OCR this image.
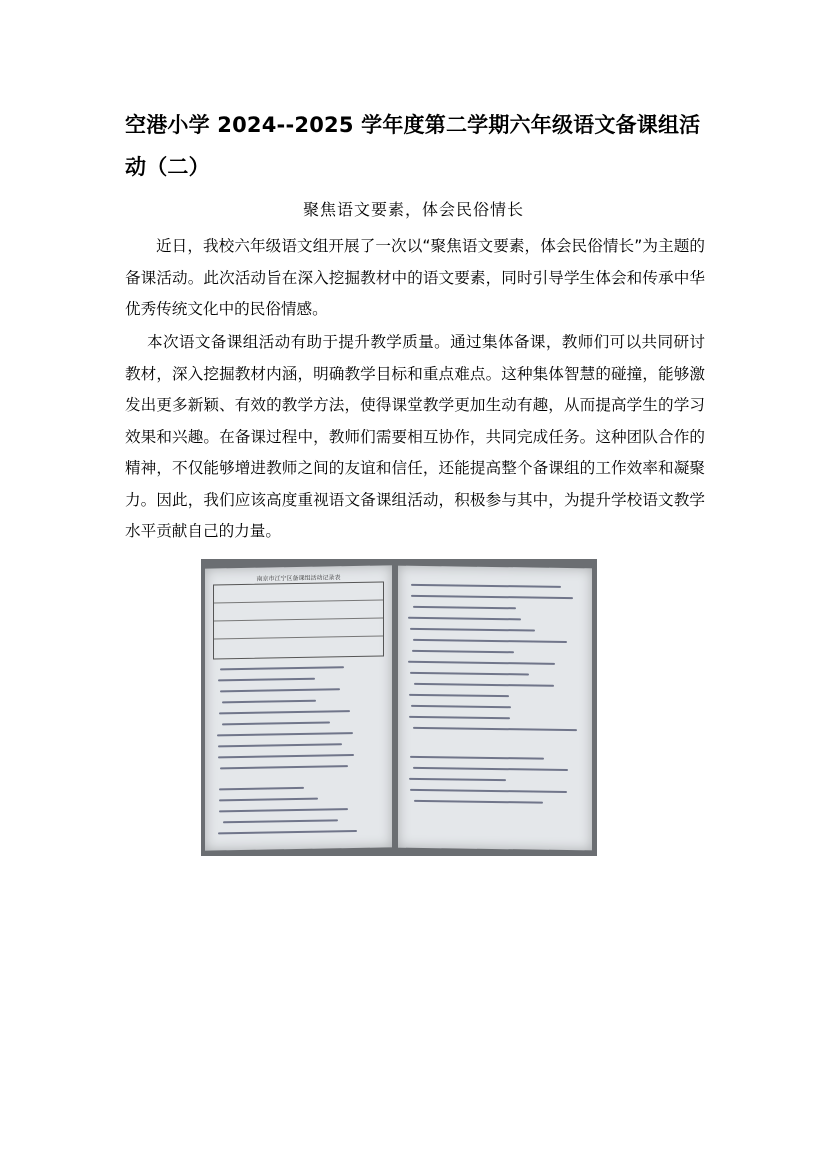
空港小学 2024--2025 学年度第二学期六年级语文备课组活动（二）

聚焦语文要素，体会民俗情长

近日，我校六年级语文组开展了一次以“聚焦语文要素，体会民俗情长”为主题的备课活动。此次活动旨在深入挖掘教材中的语文要素，同时引导学生体会和传承中华优秀传统文化中的民俗情感。

本次语文备课组活动有助于提升教学质量。通过集体备课，教师们可以共同研讨教材，深入挖掘教材内涵，明确教学目标和重点难点。这种集体智慧的碰撞，能够激发出更多新颖、有效的教学方法，使得课堂教学更加生动有趣，从而提高学生的学习效果和兴趣。在备课过程中，教师们需要相互协作，共同完成任务。这种团队合作的精神，不仅能够增进教师之间的友谊和信任，还能提高整个备课组的工作效率和凝聚力。因此，我们应该高度重视语文备课组活动，积极参与其中，为提升学校语文教学水平贡献自己的力量。

南京市江宁区备课组活动记录表
